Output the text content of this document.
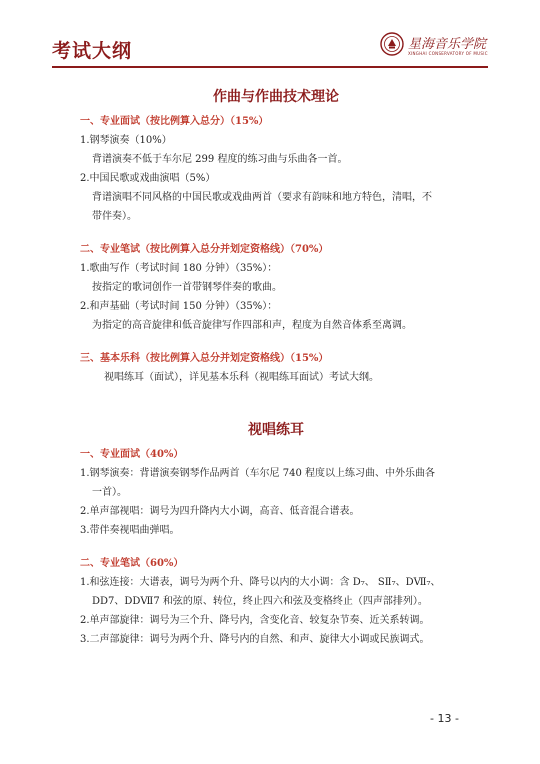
考试大纲	星海音乐学院
XINGHAI CONSERVATORY OF MUSIC
作曲与作曲技术理论
一、专业面试（按比例算入总分）（15%）
1.钢琴演奏（10%）
背谱演奏不低于车尔尼 299 程度的练习曲与乐曲各一首。
2.中国民歌或戏曲演唱（5%）
背谱演唱不同风格的中国民歌或戏曲两首（要求有韵味和地方特色，清唱，不
带伴奏）。
二、专业笔试（按比例算入总分并划定资格线）（70%）
1.歌曲写作（考试时间 180 分钟）（35%）：
按指定的歌词创作一首带钢琴伴奏的歌曲。
2.和声基础（考试时间 150 分钟）（35%）：
为指定的高音旋律和低音旋律写作四部和声，程度为自然音体系至离调。
三、基本乐科（按比例算入总分并划定资格线）（15%）
视唱练耳（面试），详见基本乐科（视唱练耳面试）考试大纲。
视唱练耳
一、专业面试（40%）
1.钢琴演奏：背谱演奏钢琴作品两首（车尔尼 740 程度以上练习曲、中外乐曲各
一首）。
2.单声部视唱：调号为四升降内大小调，高音、低音混合谱表。
3.带伴奏视唱曲弹唱。
二、专业笔试（60%）
1.和弦连接：大谱表，调号为两个升、降号以内的大小调：含 D₇、 SⅡ₇、DⅦ₇、
DD7、DDⅦ7 和弦的原、转位，终止四六和弦及变格终止（四声部排列）。
2.单声部旋律：调号为三个升、降号内，含变化音、较复杂节奏、近关系转调。
3.二声部旋律：调号为两个升、降号内的自然、和声、旋律大小调或民族调式。
- 13 -
